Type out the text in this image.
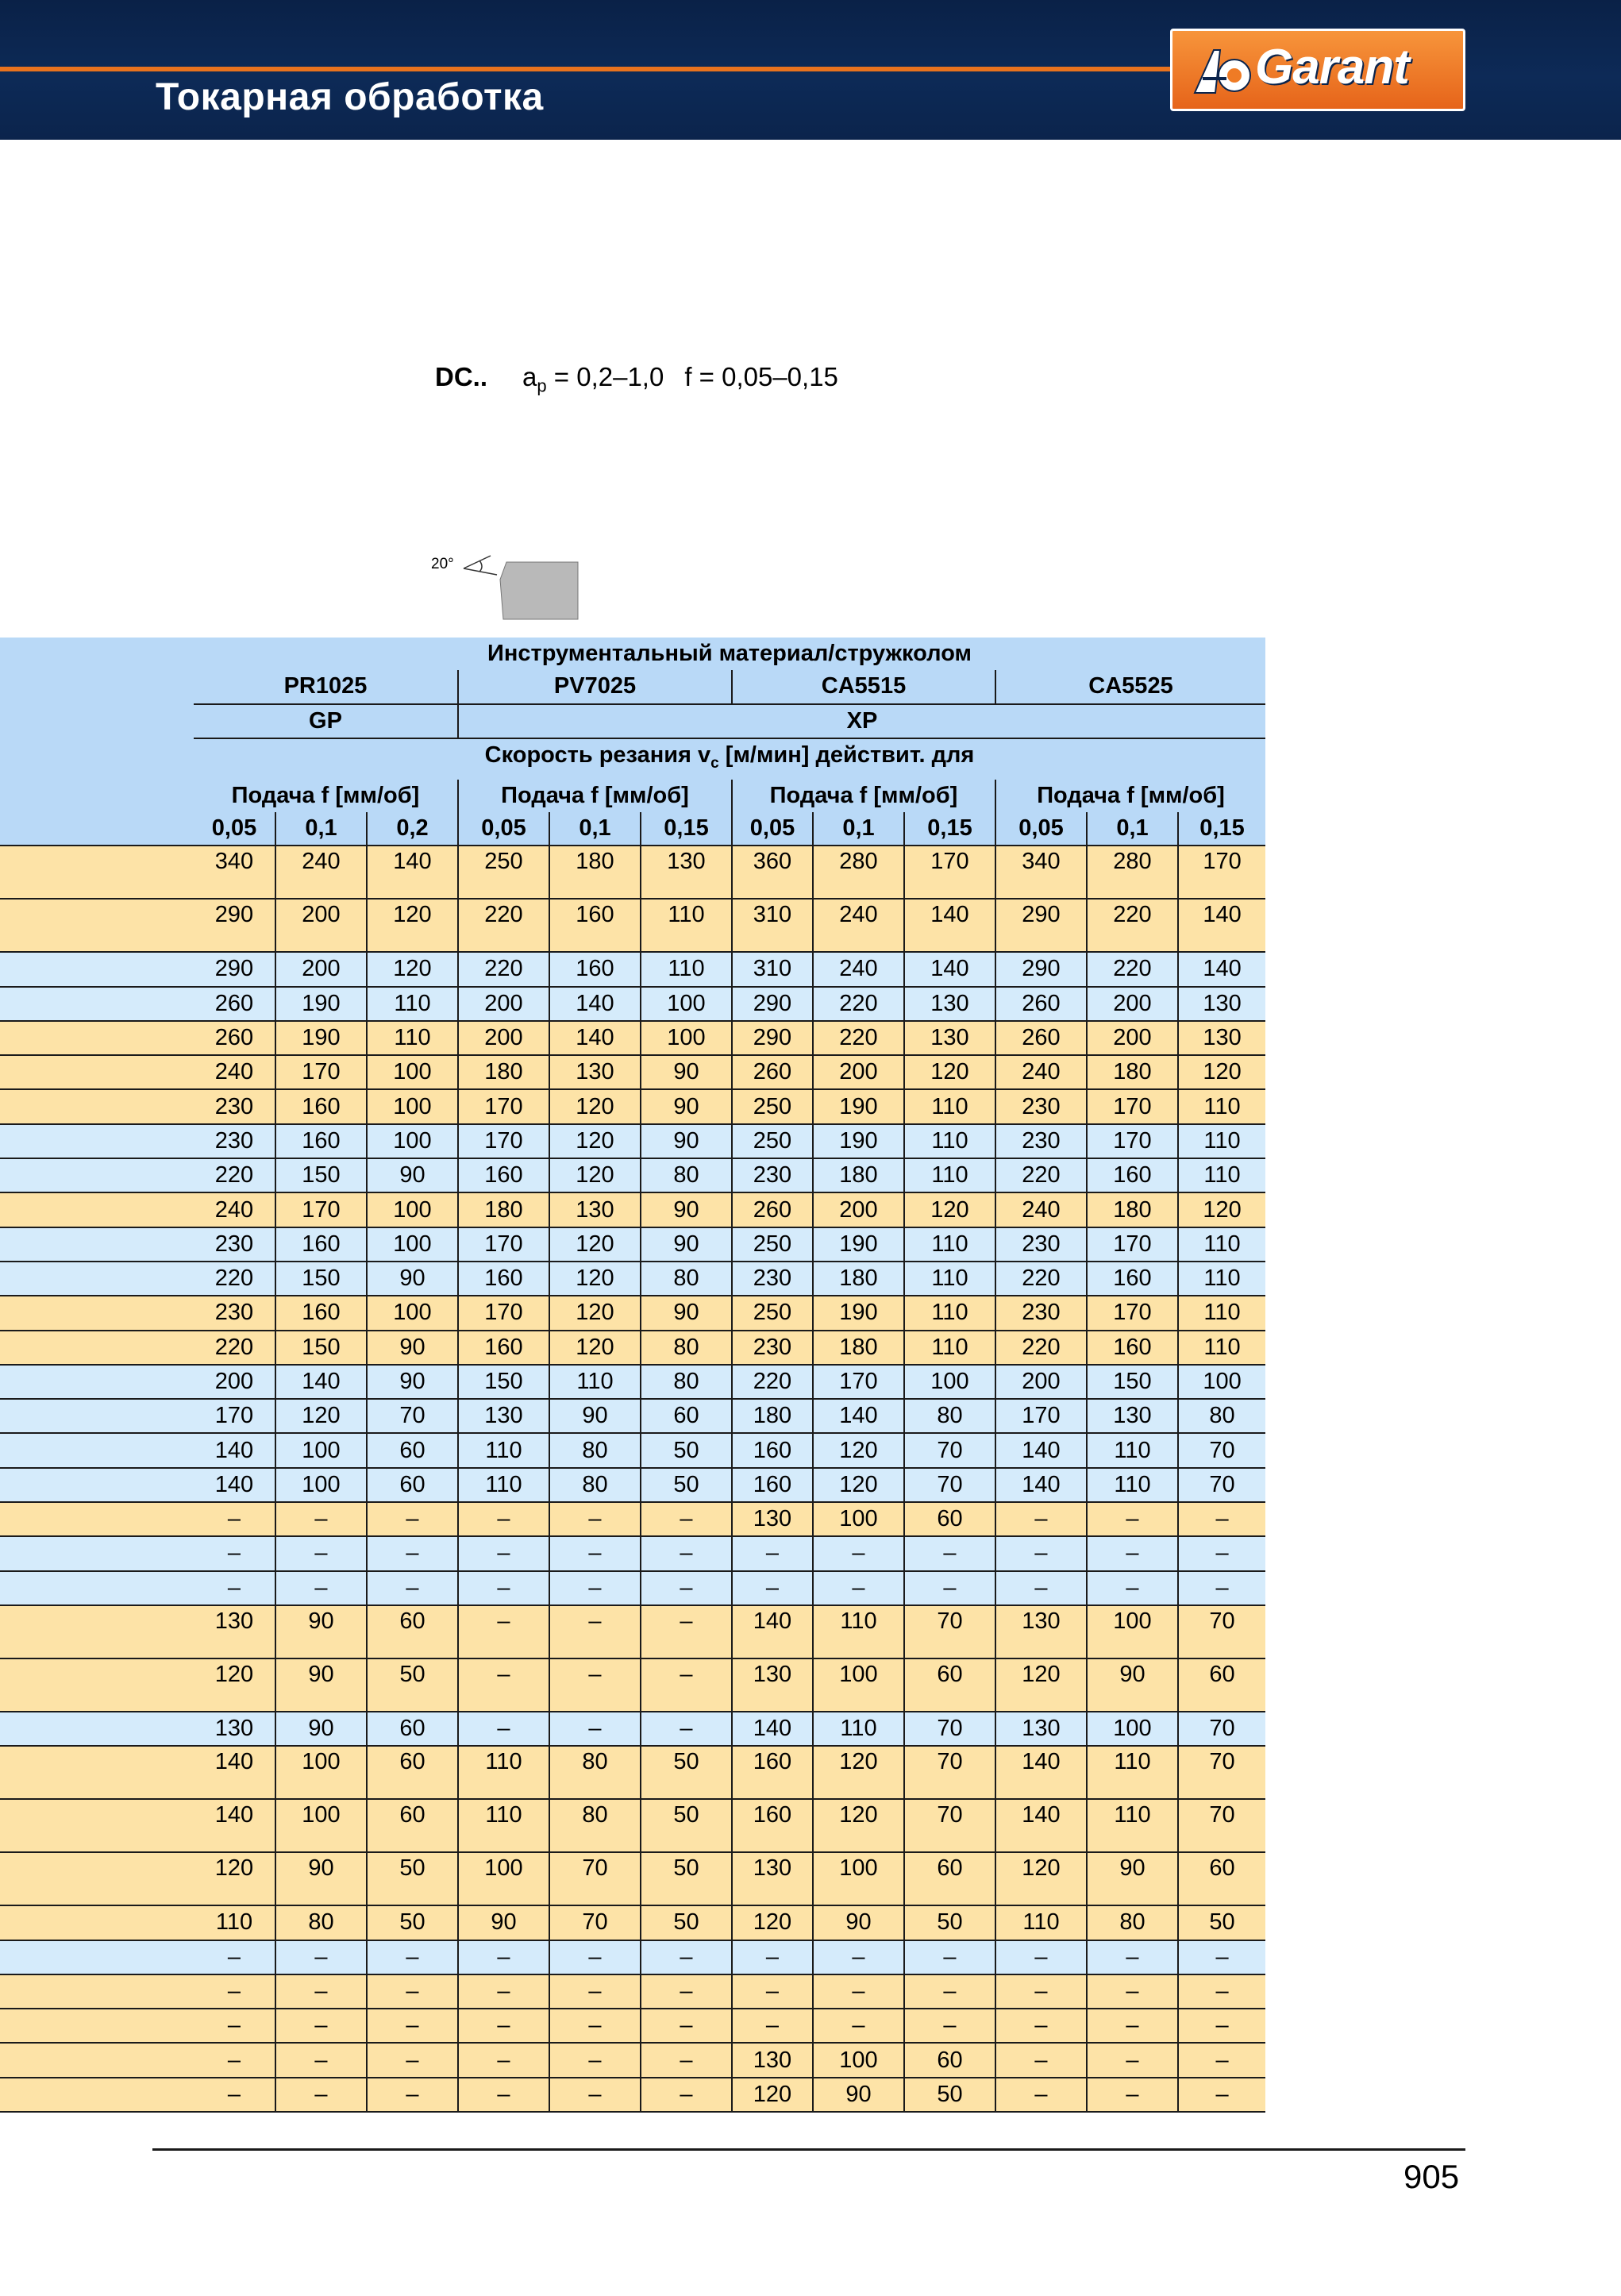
Токарная обработка
Garant
DC.. $a_p = 0,2-1,0$ f = 0,05–0,15
20°
	Инструментальный материал/стружколом											
	PR1025			PV7025			CA5515			CA5525		
	GP			XP								
	Скорость резания $v_c$ [м/мин] действит. для											
	Подача f [мм/об]			Подача f [мм/об]			Подача f [мм/об]			Подача f [мм/об]		
	0,05	0,1	0,2	0,05	0,1	0,15	0,05	0,1	0,15	0,05	0,1	0,15
	340	240	140	250	180	130	360	280	170	340	280	170
	290	200	120	220	160	110	310	240	140	290	220	140
	290	200	120	220	160	110	310	240	140	290	220	140
	260	190	110	200	140	100	290	220	130	260	200	130
	260	190	110	200	140	100	290	220	130	260	200	130
	240	170	100	180	130	90	260	200	120	240	180	120
	230	160	100	170	120	90	250	190	110	230	170	110
	230	160	100	170	120	90	250	190	110	230	170	110
	220	150	90	160	120	80	230	180	110	220	160	110
	240	170	100	180	130	90	260	200	120	240	180	120
	230	160	100	170	120	90	250	190	110	230	170	110
	220	150	90	160	120	80	230	180	110	220	160	110
	230	160	100	170	120	90	250	190	110	230	170	110
	220	150	90	160	120	80	230	180	110	220	160	110
	200	140	90	150	110	80	220	170	100	200	150	100
	170	120	70	130	90	60	180	140	80	170	130	80
	140	100	60	110	80	50	160	120	70	140	110	70
	140	100	60	110	80	50	160	120	70	140	110	70
	–	–	–	–	–	–	130	100	60	–	–	–
	–	–	–	–	–	–	–	–	–	–	–	–
	–	–	–	–	–	–	–	–	–	–	–	–
	130	90	60	–	–	–	140	110	70	130	100	70
	120	90	50	–	–	–	130	100	60	120	90	60
	130	90	60	–	–	–	140	110	70	130	100	70
	140	100	60	110	80	50	160	120	70	140	110	70
	140	100	60	110	80	50	160	120	70	140	110	70
	120	90	50	100	70	50	130	100	60	120	90	60
	110	80	50	90	70	50	120	90	50	110	80	50
	–	–	–	–	–	–	–	–	–	–	–	–
	–	–	–	–	–	–	–	–	–	–	–	–
	–	–	–	–	–	–	–	–	–	–	–	–
	–	–	–	–	–	–	130	100	60	–	–	–
	–	–	–	–	–	–	120	90	50	–	–	–
905
